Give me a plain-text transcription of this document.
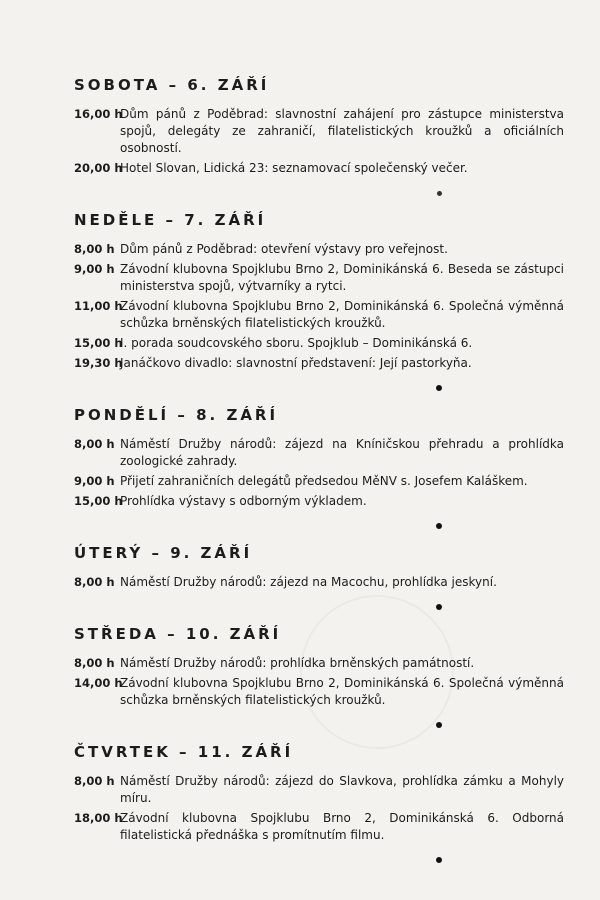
SOBOTA – 6. ZÁŘÍ
16,00 h
Dům pánů z Poděbrad: slavnostní zahájení pro zástupce ministerstva spojů, delegáty ze zahraničí, filatelistických kroužků a oficiálních osobností.
20,00 h
Hotel Slovan, Lidická 23: seznamovací společenský večer.
NEDĚLE – 7. ZÁŘÍ
8,00 h Dům pánů z Poděbrad: otevření výstavy pro veřejnost.
9,00 h Závodní klubovna Spojklubu Brno 2, Dominikánská 6. Beseda se zástupci ministerstva spojů, výtvarníky a rytci.
11,00 h
Závodní klubovna Spojklubu Brno 2, Dominikánská 6. Společná výměnná schůzka brněnských filatelistických kroužků.
15,00 h
I. porada soudcovského sboru. Spojklub – Dominikánská 6.
19,30 h
Janáčkovo divadlo: slavnostní představení: Její pastorkyňa.
PONDĚLÍ – 8. ZÁŘÍ
8,00 h Náměstí Družby národů: zájezd na Kníničskou přehradu a prohlídka zoologické zahrady.
9,00 h Přijetí zahraničních delegátů předsedou MěNV s. Josefem Kaláškem.
15,00 h
Prohlídka výstavy s odborným výkladem.
ÚTERÝ – 9. ZÁŘÍ
8,00 h Náměstí Družby národů: zájezd na Macochu, prohlídka jeskyní.
STŘEDA – 10. ZÁŘÍ
8,00 h Náměstí Družby národů: prohlídka brněnských památností.
14,00 h
Závodní klubovna Spojklubu Brno 2, Dominikánská 6. Společná výměnná schůzka brněnských filatelistických kroužků.
ČTVRTEK – 11. ZÁŘÍ
8,00 h Náměstí Družby národů: zájezd do Slavkova, prohlídka zámku a Mohyly míru.
18,00 h
Závodní klubovna Spojklubu Brno 2, Dominikánská 6. Odborná filatelistická přednáška s promítnutím filmu.
